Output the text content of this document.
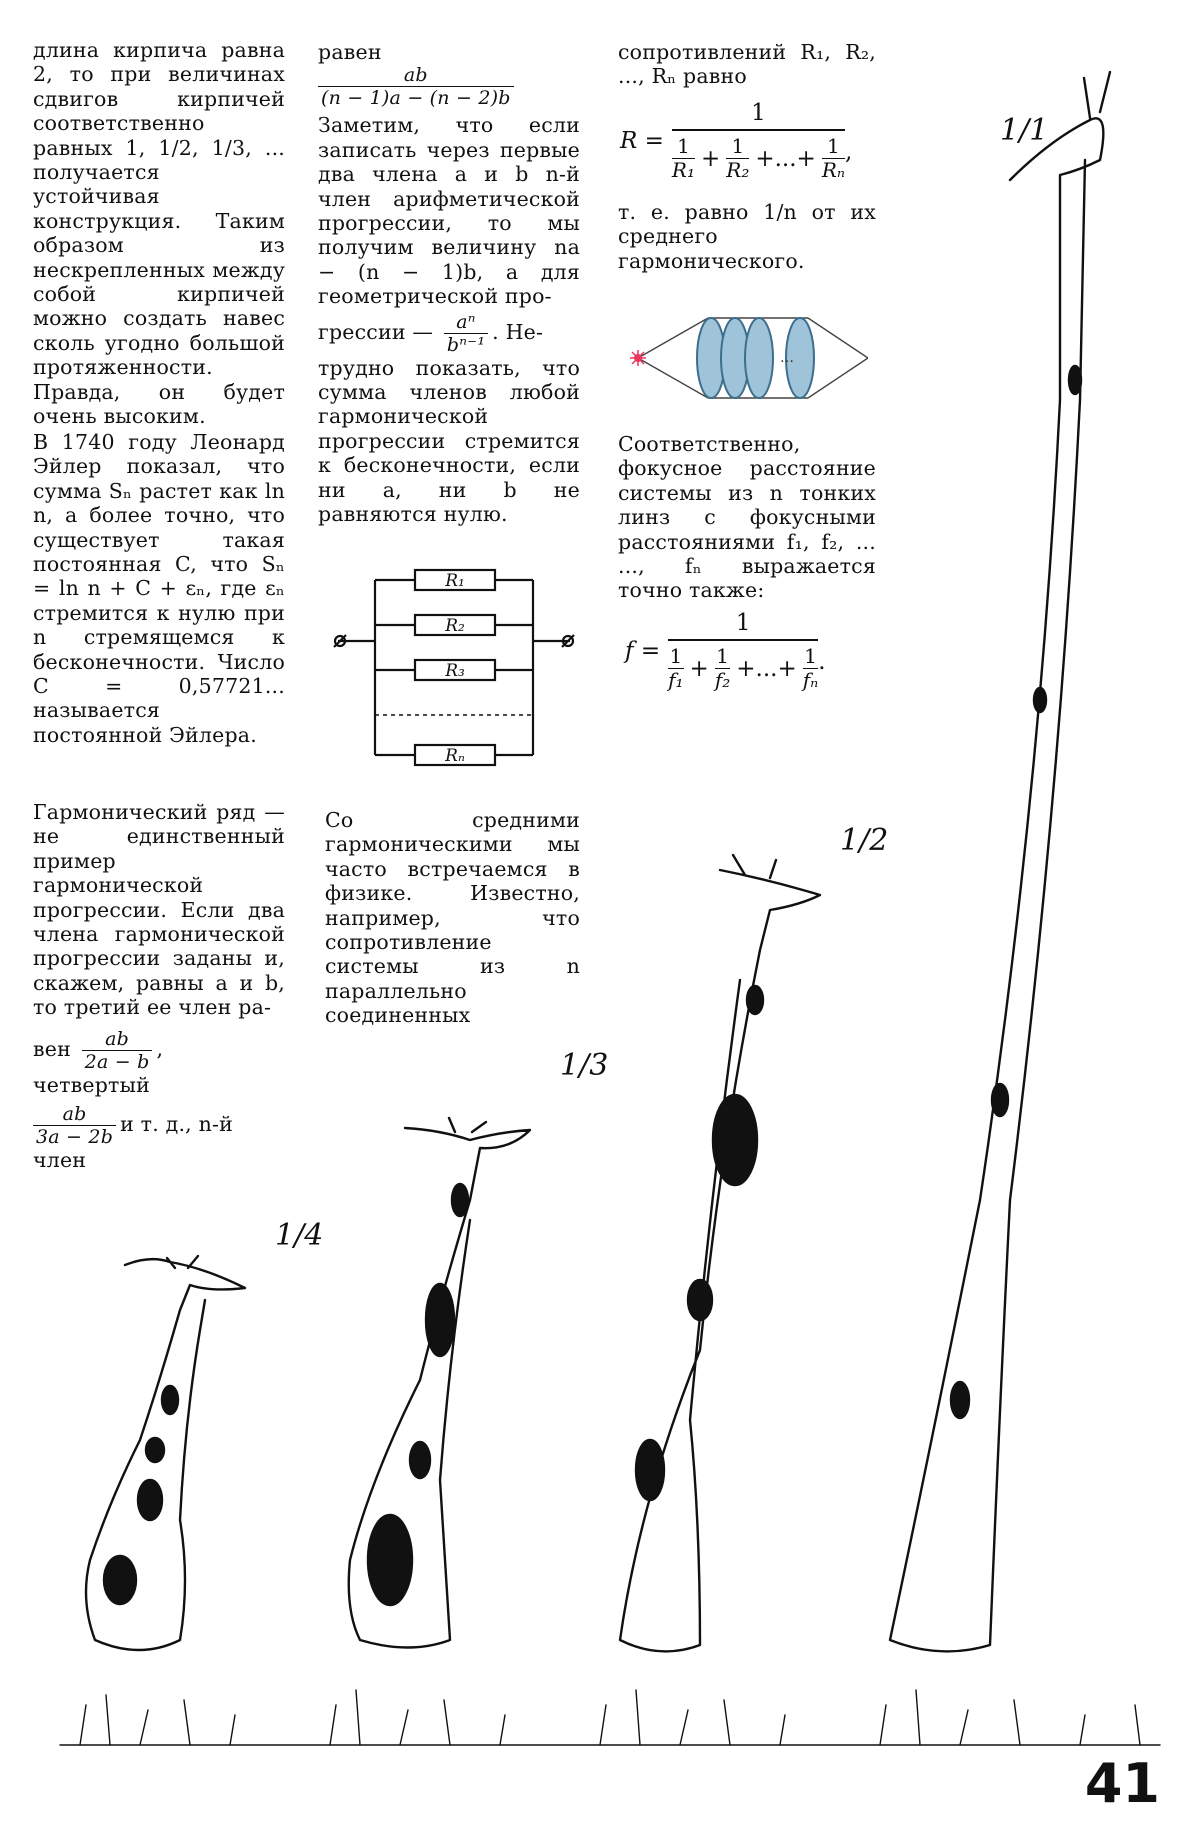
длина кирпича равна 2, то при величинах сдвигов кирпичей соответственно равных 1, 1/2, 1/3, ... получается устойчивая конструкция. Таким образом из нескрепленных между собой кирпичей можно создать навес сколь угодно большой протяженности. Правда, он будет очень высоким.

В 1740 году Леонард Эйлер показал, что сумма Sₙ растет как ln n, а более точно, что существует такая постоянная C, что Sₙ = ln n + C + εₙ, где εₙ стремится к нулю при n стремящемся к бесконечности. Число C = 0,57721... называется постоянной Эйлера.

Гармонический ряд — не единственный пример гармонической прогрессии. Если два члена гармонической прогрессии заданы и, скажем, равны a и b, то третий ее член ра-

вен $\frac{ab}{2a - b}$ , четвертый

$\frac{ab}{3a - 2b}$ и т. д., n-й член

равен
$\frac{ab}{(n - 1)a - (n - 2)b}$

Заметим, что если записать через первые два члена a и b n-й член арифметической прогрессии, то мы получим величину na − (n − 1)b, а для геометрической про-

грессии — $\frac{\text{aⁿ}}{\text{bⁿ⁻¹}}$ . Не-

трудно показать, что сумма членов любой гармонической прогрессии стремится к бесконечности, если ни a, ни b не равняются нулю.

R₁
R₂
R₃
Rₙ

Со средними гармоническими мы часто встречаемся в физике. Известно, например, что сопротивление системы из n параллельно соединенных

сопротивлений R₁, R₂, ..., Rₙ равно

R = 1
1
$R_1 + \frac{1}{\text{R₂}}$ +...+ $\frac{1}{\text{Rₙ}}$ ,

т. е. равно 1/n от их среднего гармонического.

…

Соответственно, фокусное расстояние системы из n тонких линз с фокусными расстояниями f₁, f₂, ... ..., fₙ выражается точно также:

f = 1
1
$f_1 + \frac{1}{\text{f₂}}$ +...+ $\frac{1}{\text{fₙ}}$ .
1/4
1/3
1/2
1/1
41
